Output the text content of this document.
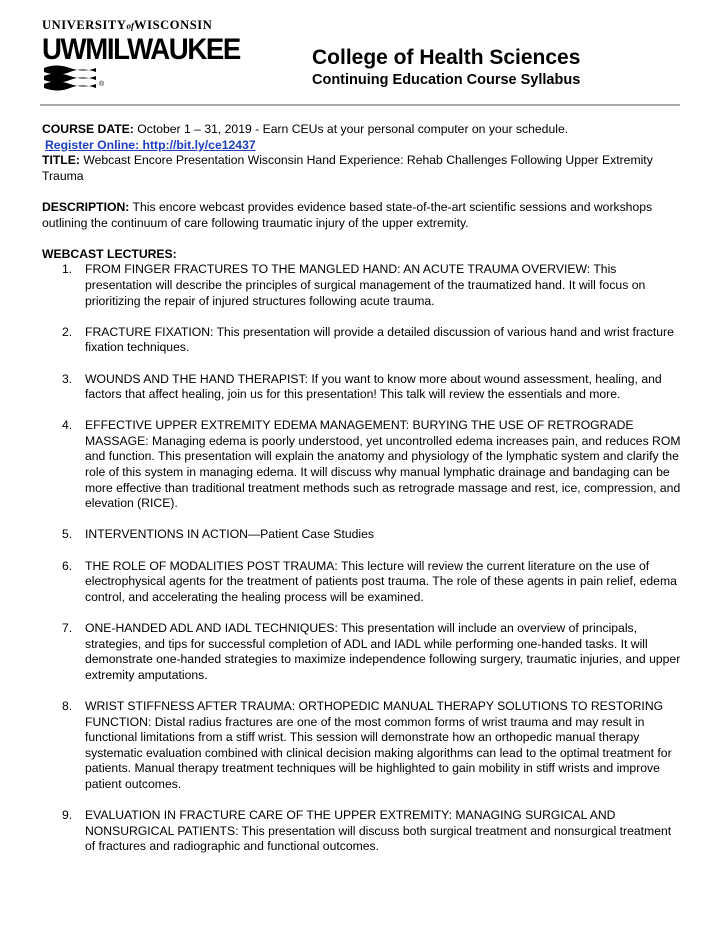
UNIVERSITYofWISCONSIN
UWMILWAUKEE
®
College of Health Sciences
Continuing Education Course Syllabus

COURSE DATE: October 1 – 31, 2019 - Earn CEUs at your personal computer on your schedule.

Register Online: http://bit.ly/ce12437

TITLE: Webcast Encore Presentation Wisconsin Hand Experience: Rehab Challenges Following Upper Extremity Trauma

DESCRIPTION: This encore webcast provides evidence based state-of-the-art scientific sessions and workshops outlining the continuum of care following traumatic injury of the upper extremity.

WEBCAST LECTURES:

1. FROM FINGER FRACTURES TO THE MANGLED HAND: AN ACUTE TRAUMA OVERVIEW: This presentation will describe the principles of surgical management of the traumatized hand. It will focus on prioritizing the repair of injured structures following acute trauma.
2. FRACTURE FIXATION: This presentation will provide a detailed discussion of various hand and wrist fracture fixation techniques.
3. WOUNDS AND THE HAND THERAPIST: If you want to know more about wound assessment, healing, and factors that affect healing, join us for this presentation! This talk will review the essentials and more.
4. EFFECTIVE UPPER EXTREMITY EDEMA MANAGEMENT: BURYING THE USE OF RETROGRADE MASSAGE: Managing edema is poorly understood, yet uncontrolled edema increases pain, and reduces ROM and function. This presentation will explain the anatomy and physiology of the lymphatic system and clarify the role of this system in managing edema. It will discuss why manual lymphatic drainage and bandaging can be more effective than traditional treatment methods such as retrograde massage and rest, ice, compression, and elevation (RICE).
5. INTERVENTIONS IN ACTION—Patient Case Studies
6. THE ROLE OF MODALITIES POST TRAUMA: This lecture will review the current literature on the use of electrophysical agents for the treatment of patients post trauma. The role of these agents in pain relief, edema control, and accelerating the healing process will be examined.
7. ONE-HANDED ADL AND IADL TECHNIQUES: This presentation will include an overview of principals, strategies, and tips for successful completion of ADL and IADL while performing one-handed tasks. It will demonstrate one-handed strategies to maximize independence following surgery, traumatic injuries, and upper extremity amputations.
8. WRIST STIFFNESS AFTER TRAUMA: ORTHOPEDIC MANUAL THERAPY SOLUTIONS TO RESTORING FUNCTION: Distal radius fractures are one of the most common forms of wrist trauma and may result in functional limitations from a stiff wrist. This session will demonstrate how an orthopedic manual therapy systematic evaluation combined with clinical decision making algorithms can lead to the optimal treatment for patients. Manual therapy treatment techniques will be highlighted to gain mobility in stiff wrists and improve patient outcomes.
9. EVALUATION IN FRACTURE CARE OF THE UPPER EXTREMITY: MANAGING SURGICAL AND NONSURGICAL PATIENTS: This presentation will discuss both surgical treatment and nonsurgical treatment of fractures and radiographic and functional outcomes.
